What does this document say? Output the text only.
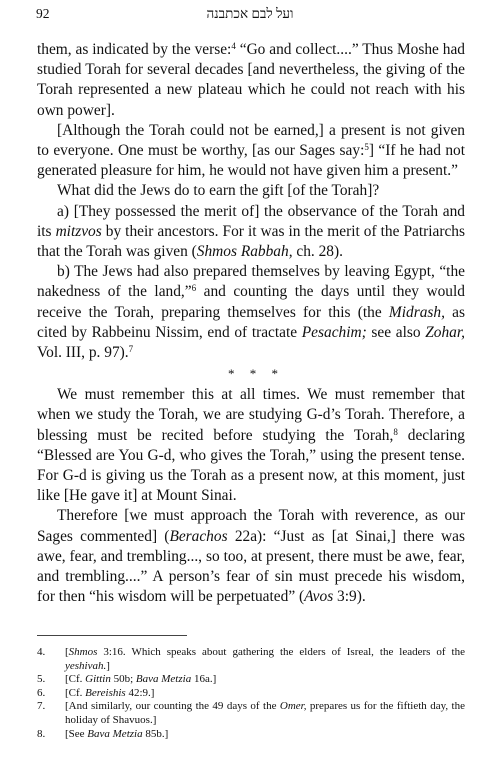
92	ועל לבם אכתבנה

them, as indicated by the verse:$^4$ “Go and collect....” Thus Moshe had studied Torah for several decades [and nevertheless, the giving of the Torah represented a new plateau which he could not reach with his own power].

[Although the Torah could not be earned,] a present is not given to everyone. One must be worthy, [as our Sages say:$^5$] “If he had not generated pleasure for him, he would not have given him a present.”

What did the Jews do to earn the gift [of the Torah]?

a) [They possessed the merit of] the observance of the Torah and its mitzvos by their ancestors. For it was in the merit of the Patriarchs that the Torah was given (Shmos Rabbah, ch. 28).

b) The Jews had also prepared themselves by leaving Egypt, “the nakedness of the land,”$^6$ and counting the days until they would receive the Torah, preparing themselves for this (the Midrash, as cited by Rabbeinu Nissim, end of tractate Pesachim; see also Zohar, Vol. III, p. 97).$^7$

* * *

We must remember this at all times. We must remember that when we study the Torah, we are studying G-d’s Torah. Therefore, a blessing must be recited before studying the Torah,$^8$ declaring “Blessed are You G-d, who gives the Torah,” using the present tense. For G-d is giving us the Torah as a present now, at this moment, just like [He gave it] at Mount Sinai.

Therefore [we must approach the Torah with reverence, as our Sages commented] (Berachos 22a): “Just as [at Sinai,] there was awe, fear, and trembling..., so too, at present, there must be awe, fear, and trembling....” A person’s fear of sin must precede his wisdom, for then “his wisdom will be perpetuated” (Avos 3:9).

4. [Shmos 3:16. Which speaks about gathering the elders of Isreal, the leaders of the yeshivah.]
5. [Cf. Gittin 50b; Bava Metzia 16a.]
6. [Cf. Bereishis 42:9.]
7. [And similarly, our counting the 49 days of the Omer, prepares us for the fiftieth day, the holiday of Shavuos.]
8. [See Bava Metzia 85b.]
